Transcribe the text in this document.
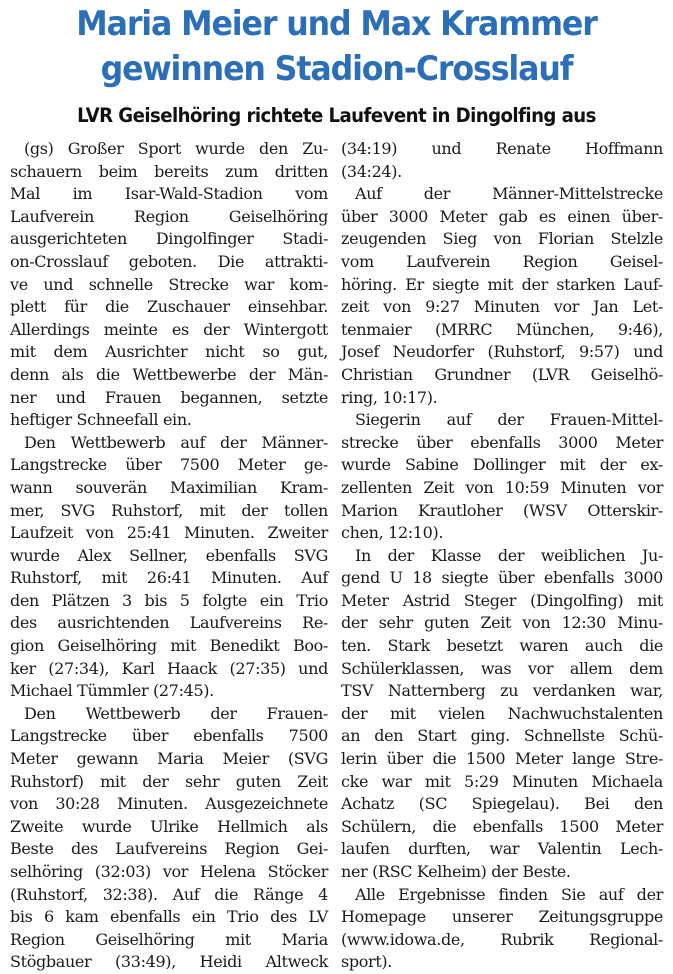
Maria Meier und Max Krammer
gewinnen Stadion-Crosslauf
LVR Geiselhöring richtete Laufevent in Dingolfing aus
(gs) Großer Sport wurde den Zu-
schauern beim bereits zum dritten
Mal im Isar-Wald-Stadion vom
Laufverein Region Geiselhöring
ausgerichteten Dingolfinger Stadi-
on-Crosslauf geboten. Die attrakti-
ve und schnelle Strecke war kom-
plett für die Zuschauer einsehbar.
Allerdings meinte es der Wintergott
mit dem Ausrichter nicht so gut,
denn als die Wettbewerbe der Män-
ner und Frauen begannen, setzte
heftiger Schneefall ein.
Den Wettbewerb auf der Männer-
Langstrecke über 7500 Meter ge-
wann souverän Maximilian Kram-
mer, SVG Ruhstorf, mit der tollen
Laufzeit von 25:41 Minuten. Zweiter
wurde Alex Sellner, ebenfalls SVG
Ruhstorf, mit 26:41 Minuten. Auf
den Plätzen 3 bis 5 folgte ein Trio
des ausrichtenden Laufvereins Re-
gion Geiselhöring mit Benedikt Boo-
ker (27:34), Karl Haack (27:35) und
Michael Tümmler (27:45).
Den Wettbewerb der Frauen-
Langstrecke über ebenfalls 7500
Meter gewann Maria Meier (SVG
Ruhstorf) mit der sehr guten Zeit
von 30:28 Minuten. Ausgezeichnete
Zweite wurde Ulrike Hellmich als
Beste des Laufvereins Region Gei-
selhöring (32:03) vor Helena Stöcker
(Ruhstorf, 32:38). Auf die Ränge 4
bis 6 kam ebenfalls ein Trio des LV
Region Geiselhöring mit Maria
Stögbauer (33:49), Heidi Altweck
(34:19) und Renate Hoffmann
(34:24).
Auf der Männer-Mittelstrecke
über 3000 Meter gab es einen über-
zeugenden Sieg von Florian Stelzle
vom Laufverein Region Geisel-
höring. Er siegte mit der starken Lauf-
zeit von 9:27 Minuten vor Jan Let-
tenmaier (MRRC München, 9:46),
Josef Neudorfer (Ruhstorf, 9:57) und
Christian Grundner (LVR Geiselhö-
ring, 10:17).
Siegerin auf der Frauen-Mittel-
strecke über ebenfalls 3000 Meter
wurde Sabine Dollinger mit der ex-
zellenten Zeit von 10:59 Minuten vor
Marion Krautloher (WSV Otterskir-
chen, 12:10).
In der Klasse der weiblichen Ju-
gend U 18 siegte über ebenfalls 3000
Meter Astrid Steger (Dingolfing) mit
der sehr guten Zeit von 12:30 Minu-
ten. Stark besetzt waren auch die
Schülerklassen, was vor allem dem
TSV Natternberg zu verdanken war,
der mit vielen Nachwuchstalenten
an den Start ging. Schnellste Schü-
lerin über die 1500 Meter lange Stre-
cke war mit 5:29 Minuten Michaela
Achatz (SC Spiegelau). Bei den
Schülern, die ebenfalls 1500 Meter
laufen durften, war Valentin Lech-
ner (RSC Kelheim) der Beste.
Alle Ergebnisse finden Sie auf der
Homepage unserer Zeitungsgruppe
(www.idowa.de, Rubrik Regional-
sport).
